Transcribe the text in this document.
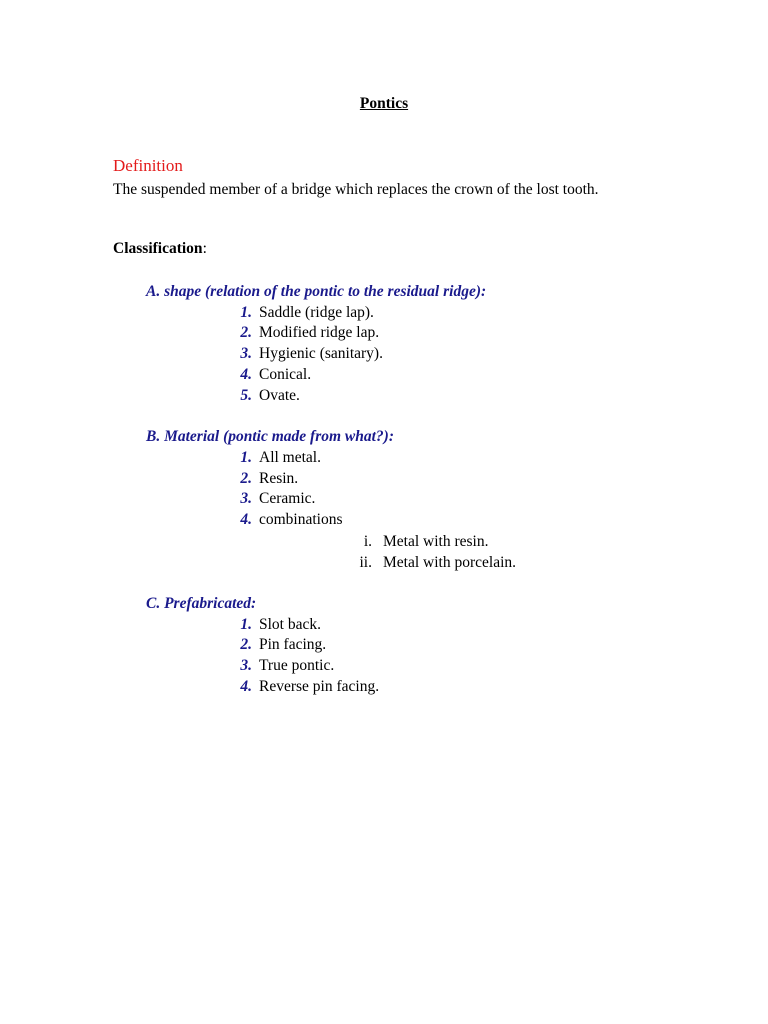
Pontics
Definition
The suspended member of a bridge which replaces the crown of the lost tooth.
Classification:
A. shape (relation of the pontic to the residual ridge):
1. Saddle (ridge lap).
2. Modified ridge lap.
3. Hygienic (sanitary).
4. Conical.
5. Ovate.
B. Material (pontic made from what?):
1. All metal.
2. Resin.
3. Ceramic.
4. combinations
i. Metal with resin.
ii. Metal with porcelain.
C. Prefabricated:
1. Slot back.
2. Pin facing.
3. True pontic.
4. Reverse pin facing.
